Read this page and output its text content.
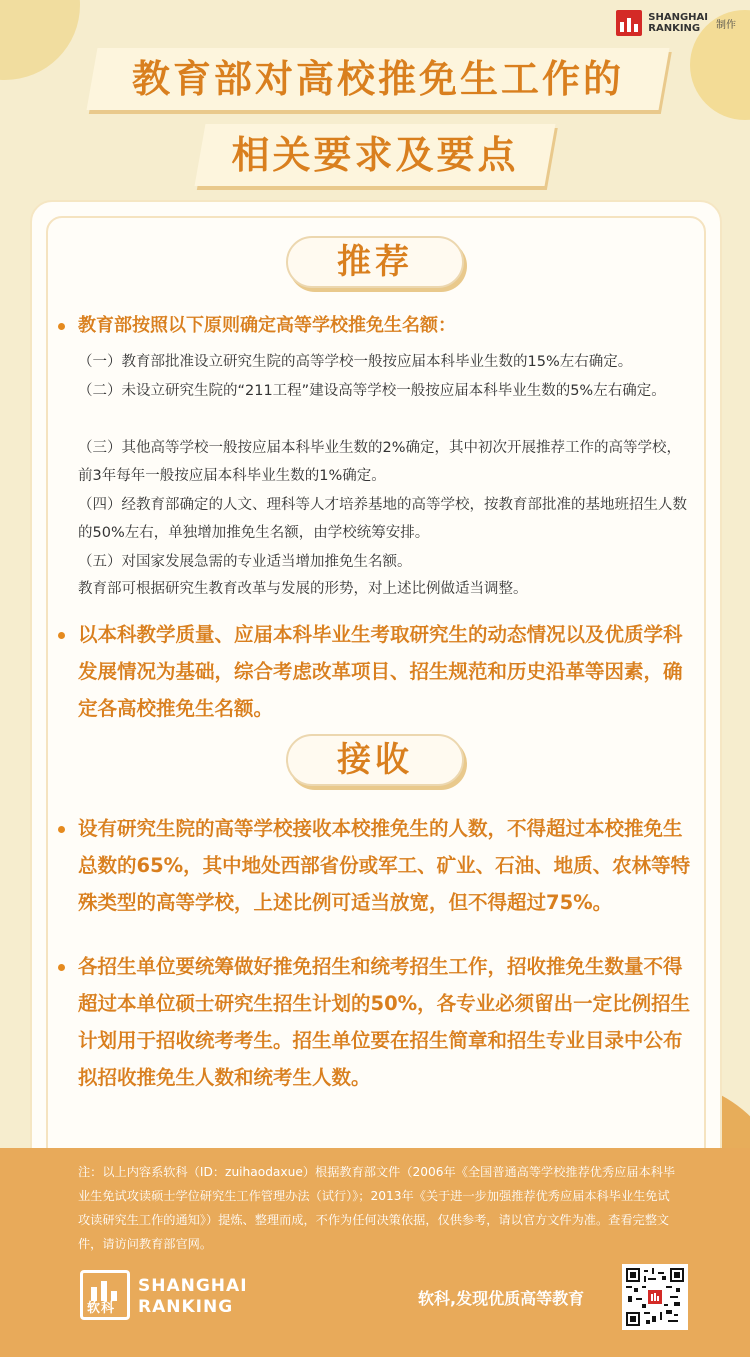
SHANGHAI
RANKING	制作
教育部对高校推免生工作的
相关要求及要点
推荐
教育部按照以下原则确定高等学校推免生名额：
（一）教育部批准设立研究生院的高等学校一般按应届本科毕业生数的15%左右确定。
（二）未设立研究生院的“211工程”建设高等学校一般按应届本科毕业生数的5%左右确定。
（三）其他高等学校一般按应届本科毕业生数的2%确定，其中初次开展推荐工作的高等学校，前3年每年一般按应届本科毕业生数的1%确定。
（四）经教育部确定的人文、理科等人才培养基地的高等学校，按教育部批准的基地班招生人数的50%左右，单独增加推免生名额，由学校统筹安排。
（五）对国家发展急需的专业适当增加推免生名额。
教育部可根据研究生教育改革与发展的形势，对上述比例做适当调整。
以本科教学质量、应届本科毕业生考取研究生的动态情况以及优质学科发展情况为基础，综合考虑改革项目、招生规范和历史沿革等因素，确定各高校推免生名额。
接收
设有研究生院的高等学校接收本校推免生的人数，不得超过本校推免生总数的65%，其中地处西部省份或军工、矿业、石油、地质、农林等特殊类型的高等学校，上述比例可适当放宽，但不得超过75%。
各招生单位要统筹做好推免招生和统考招生工作，招收推免生数量不得超过本单位硕士研究生招生计划的50%，各专业必须留出一定比例招生计划用于招收统考考生。招生单位要在招生简章和招生专业目录中公布拟招收推免生人数和统考生人数。
注：以上内容系软科（ID：zuihaodaxue）根据教育部文件（2006年《全国普通高等学校推荐优秀应届本科毕业生免试攻读硕士学位研究生工作管理办法（试行）》；2013年《关于进一步加强推荐优秀应届本科毕业生免试攻读研究生工作的通知》）提炼、整理而成，不作为任何决策依据，仅供参考，请以官方文件为准。查看完整文件，请访问教育部官网。
软科
SHANGHAI
RANKING	软科,发现优质高等教育
